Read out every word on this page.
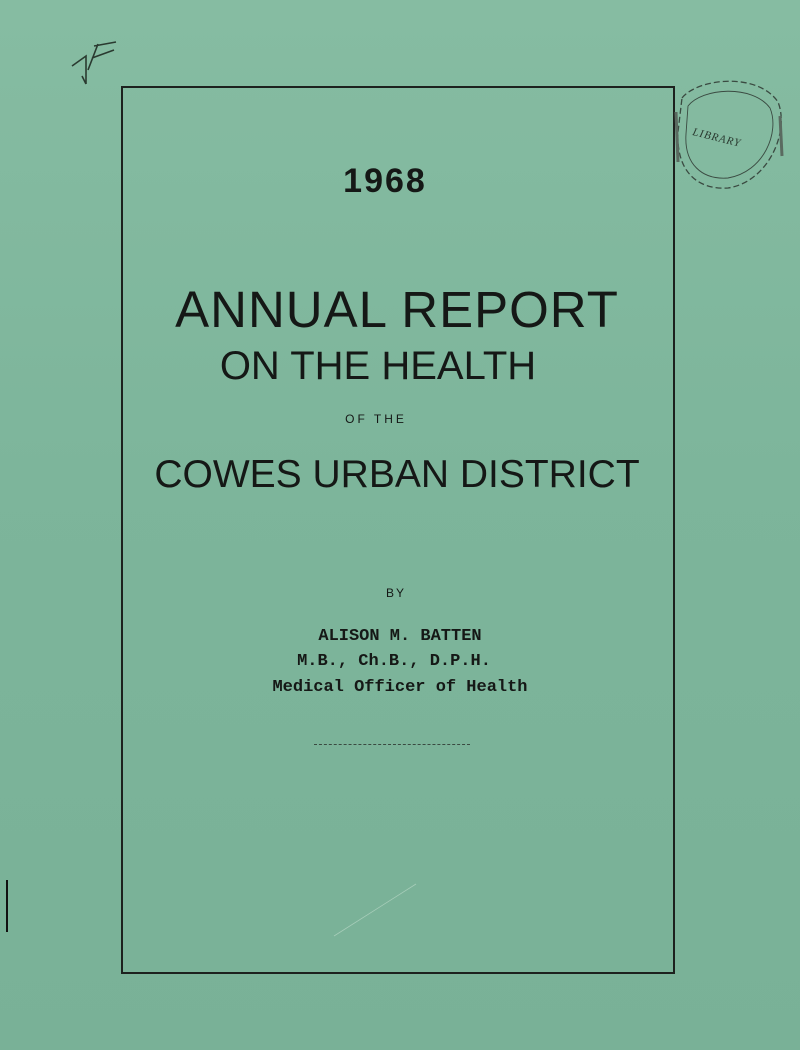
LIBRARY
1968
ANNUAL REPORT
ON THE HEALTH
OF THE
COWES URBAN DISTRICT
BY
ALISON M. BATTEN
M.B., Ch.B., D.P.H.
Medical Officer of Health
